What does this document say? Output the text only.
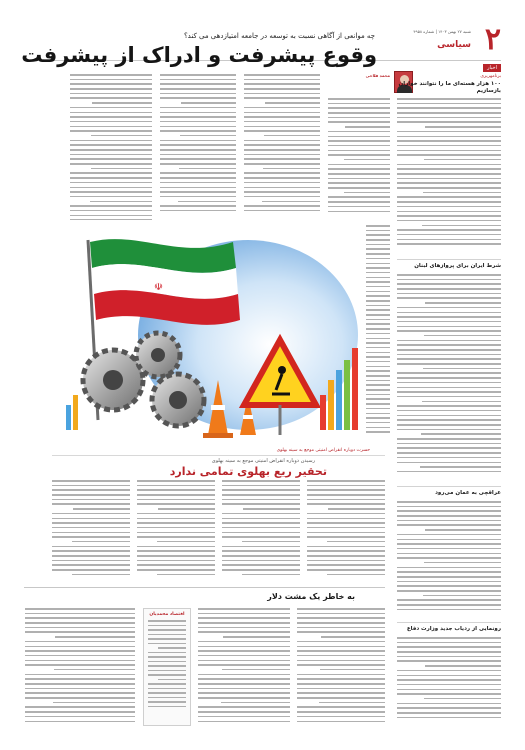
۲
سیاسی
شنبه ۲۷ بهمن ۱۴۰۳ | شماره ۴۹۵۸
چه موانعی از آگاهی نسبت به توسعه در جامعه امتیازدهی می کند؟
وقوع پیشرفت و ادراک از پیشرفت
محمد فلاحی
☫
حسرت دوباره انقراض امنیتی موجع به سینه بهلوی
رسیدن دوباره انقراض امنیتی موجع به سینه بهلوی
تحقیر ریع بهلوی تمامی ندارد
به خاطر یک مشت دلار
اقتصاد محمدیان
اخبار
برنامهریزی
۱۰۰ هزار هسته‌ای ما را نتوانند خواران بازسازیم
شرط ایران برای پروازهای لبنان
عراقچی به عمان می‌رود
رونمایی از ردیاب جدید وزارت دفاع
